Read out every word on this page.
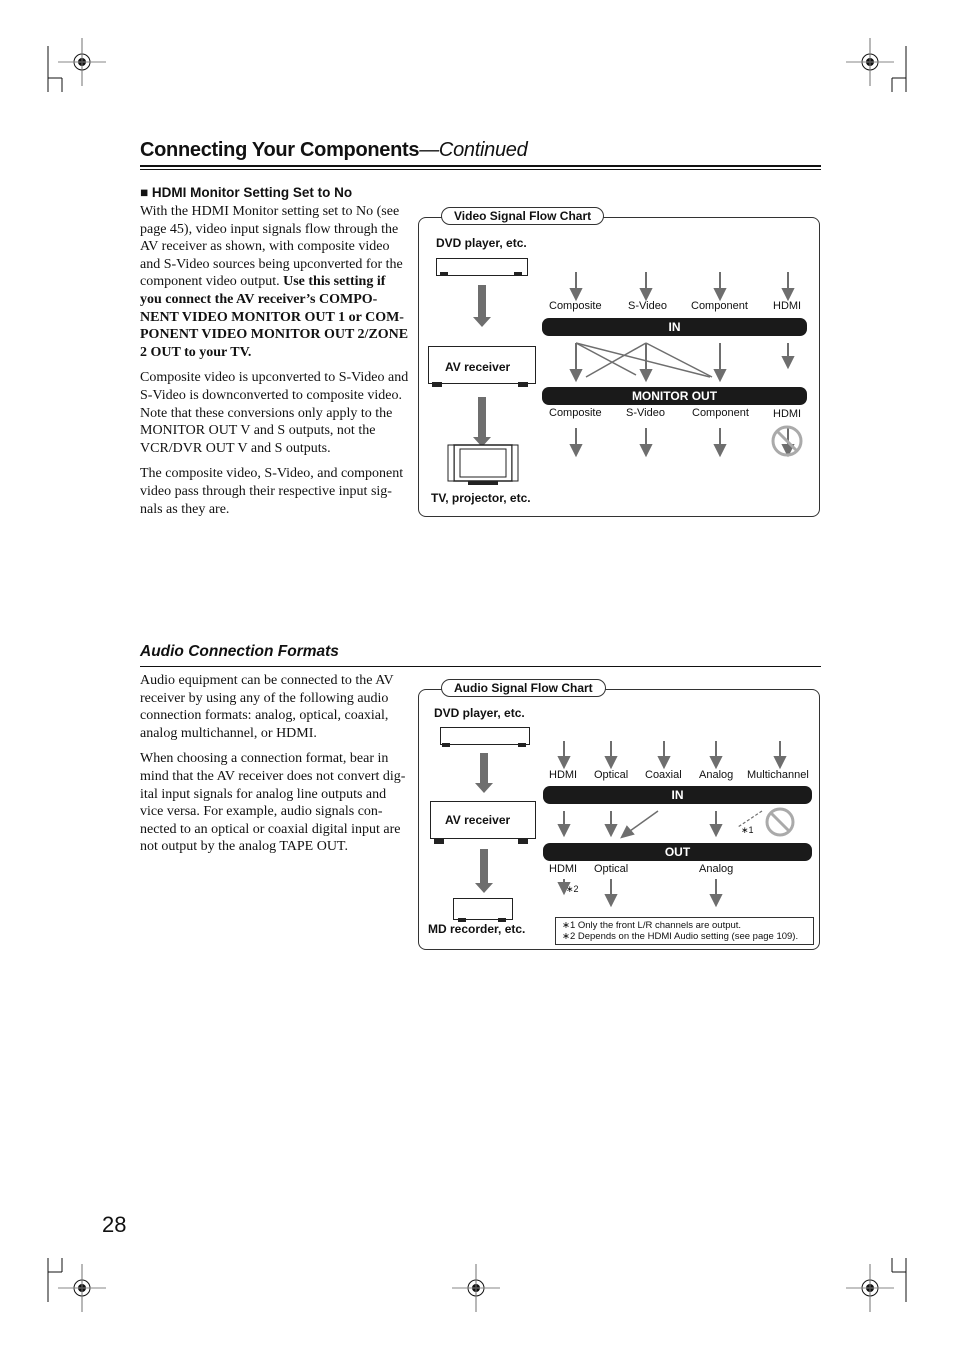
Connecting Your Components—Continued
■ HDMI Monitor Setting Set to No

With the HDMI Monitor setting set to No (see page 45), video input signals flow through the AV receiver as shown, with composite video and S-Video sources being upconverted for the component video output. Use this setting if you connect the AV receiver’s COMPO-NENT VIDEO MONITOR OUT 1 or COM-PONENT VIDEO MONITOR OUT 2/ZONE 2 OUT to your TV.

Composite video is upconverted to S-Video and S-Video is downconverted to composite video. Note that these conversions only apply to the MONITOR OUT V and S outputs, not the VCR/DVR OUT V and S outputs.

The composite video, S-Video, and component video pass through their respective input sig-nals as they are.

Video Signal Flow Chart
DVD player, etc.
AV receiver
TV, projector, etc.
Composite S-Video Component HDMI
IN
MONITOR OUT
Composite S-Video Component HDMI
Audio Connection Formats

Audio equipment can be connected to the AV receiver by using any of the following audio connection formats: analog, optical, coaxial, analog multichannel, or HDMI.

When choosing a connection format, bear in mind that the AV receiver does not convert dig-ital input signals for analog line outputs and vice versa. For example, audio signals con-nected to an optical or coaxial digital input are not output by the analog TAPE OUT.

Audio Signal Flow Chart
DVD player, etc.
AV receiver
MD recorder, etc.
HDMI Optical Coaxial Analog Multichannel
IN
∗1
OUT
HDMI Optical	Analog
∗2
∗1 Only the front L/R channels are output.
∗2 Depends on the HDMI Audio setting (see page 109).
28
